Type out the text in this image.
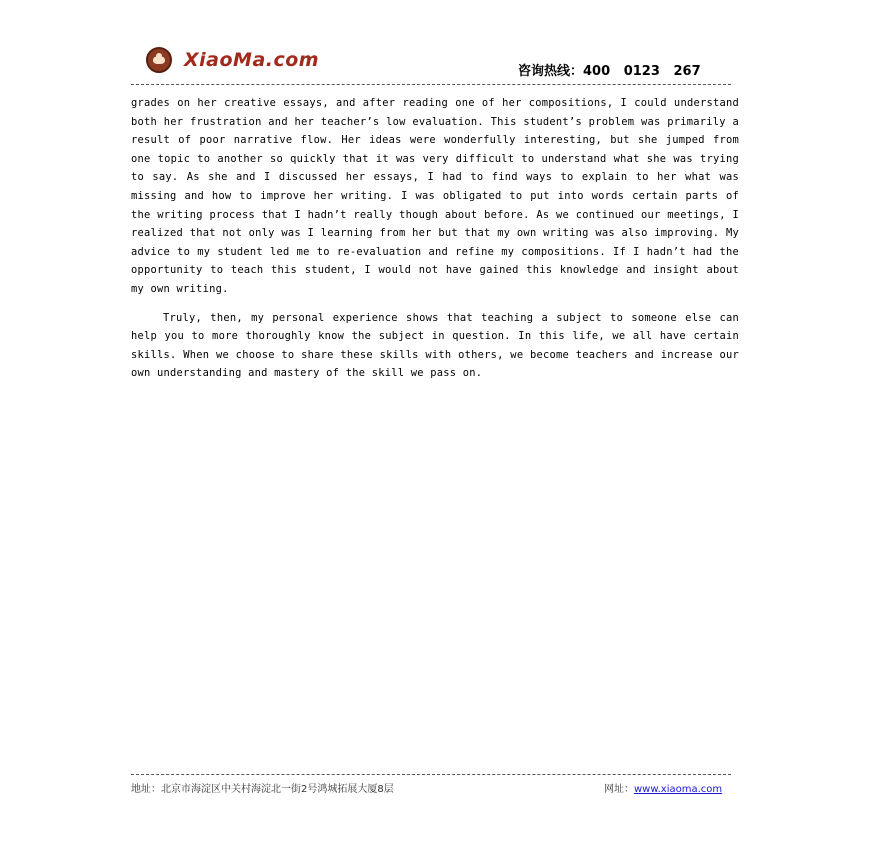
XiaoMa.com
咨询热线：400   0123   267

grades on her creative essays, and after reading one of her compositions, I could understand both her frustration and her teacher’s low evaluation. This student’s problem was primarily a result of poor narrative flow. Her ideas were wonderfully interesting, but she jumped from one topic to another so quickly that it was very difficult to understand what she was trying to say. As she and I discussed her essays, I had to find ways to explain to her what was missing and how to improve her writing. I was obligated to put into words certain parts of the writing process that I hadn’t really though about before. As we continued our meetings, I realized that not only was I learning from her but that my own writing was also improving. My advice to my student led me to re-evaluation and refine my compositions. If I hadn’t had the opportunity to teach this student, I would not have gained this knowledge and insight about my own writing.

Truly, then, my personal experience shows that teaching a subject to someone else can help you to more thoroughly know the subject in question. In this life, we all have certain skills. When we choose to share these skills with others, we become teachers and increase our own understanding and mastery of the skill we pass on.

地址：北京市海淀区中关村海淀北一街2号鸿城拓展大厦8层	网址：www.xiaoma.com
